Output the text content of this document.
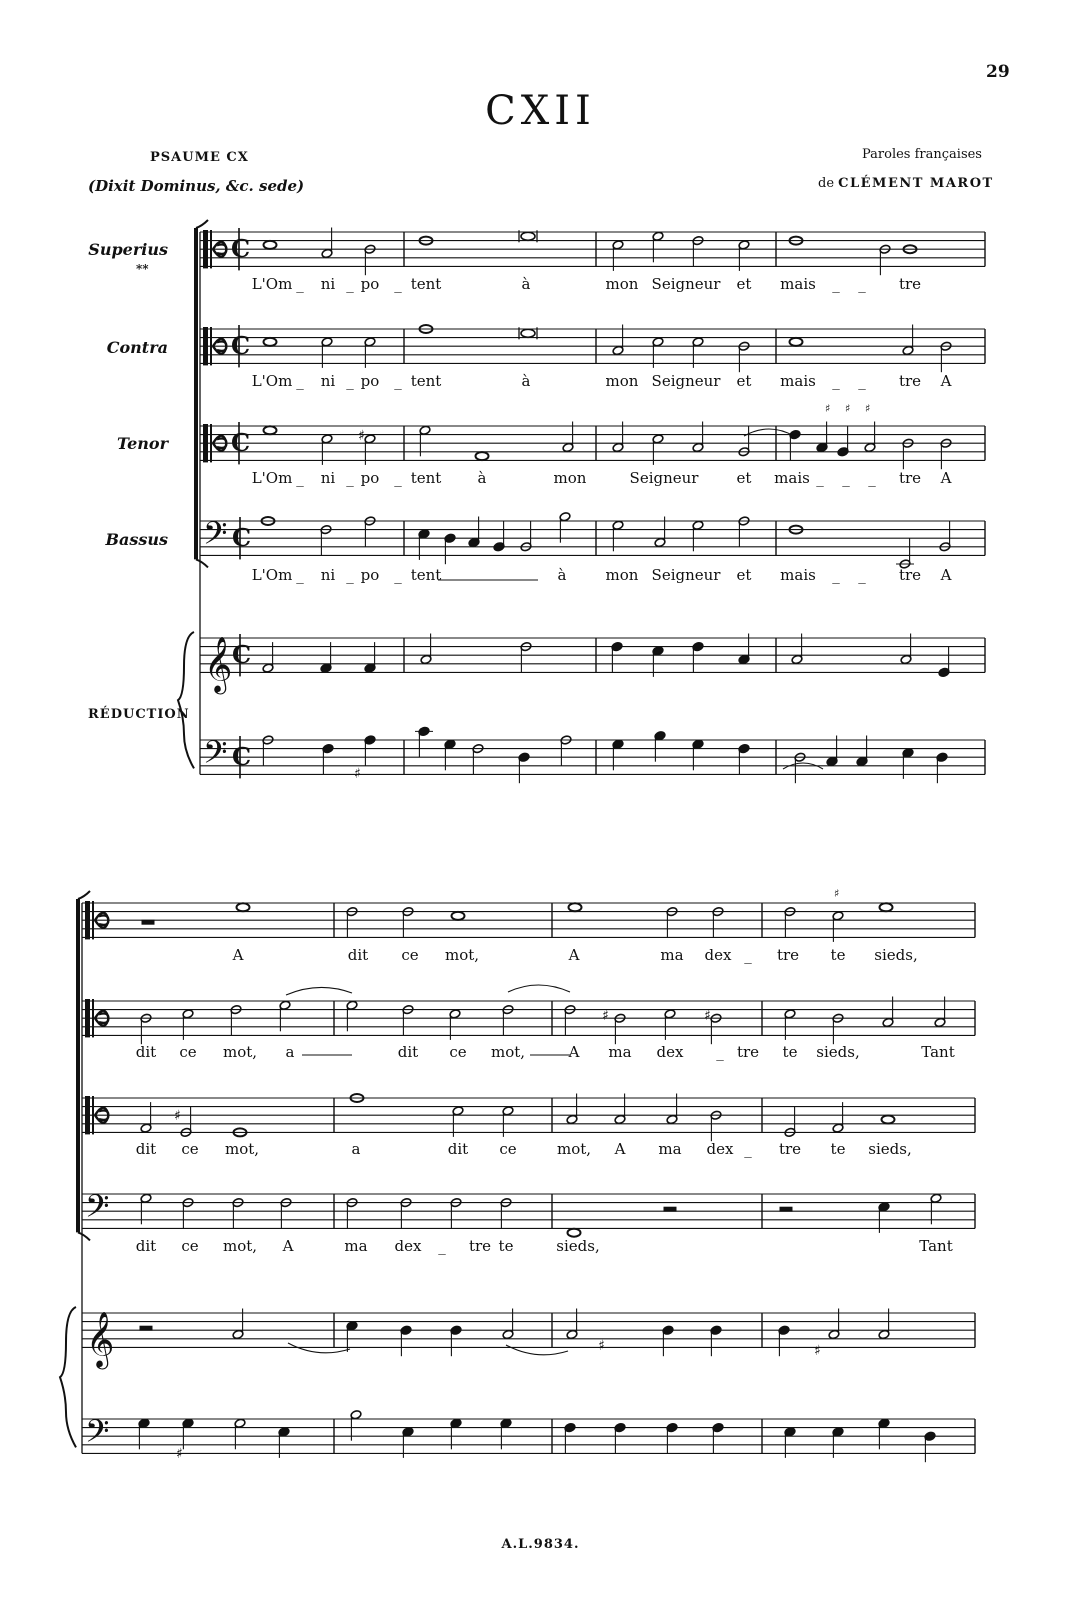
C
C
C
𝄢 C
𝄞 C
𝄢 C
𝄢
𝄞
𝄢
♯ ♯ ♯
♯
♯
♯
♯	♯
♯	♯
♯
♯
29
CXII
PSAUME CX
(Dixit Dominus, &c. sede)
Paroles françaises
de CLÉMENT MAROT
Superius
**
Contra
Tenor
Bassus
RÉDUCTION
L'Om _ ni _ po _ tent	à	mon Seigneur et mais _ _ tre
L'Om _ ni _ po _ tent	à	mon Seigneur et mais _ _ tre A
L'Om _ ni _ po _ tent à	mon	Seigneur	et mais _ _ _ tre A
L'Om _ ni _ po _ tent	à	mon Seigneur et mais _ _ tre A
A	dit ce mot,	A	ma dex _ tre te sieds,
dit ce mot, a	dit ce mot,	A ma dex _ tre te sieds,	Tant
dit ce mot,	a	dit ce	mot, A ma dex _ tre te sieds,
dit ce mot, A	ma dex _ tre te	sieds,	Tant
A.L.9834.
